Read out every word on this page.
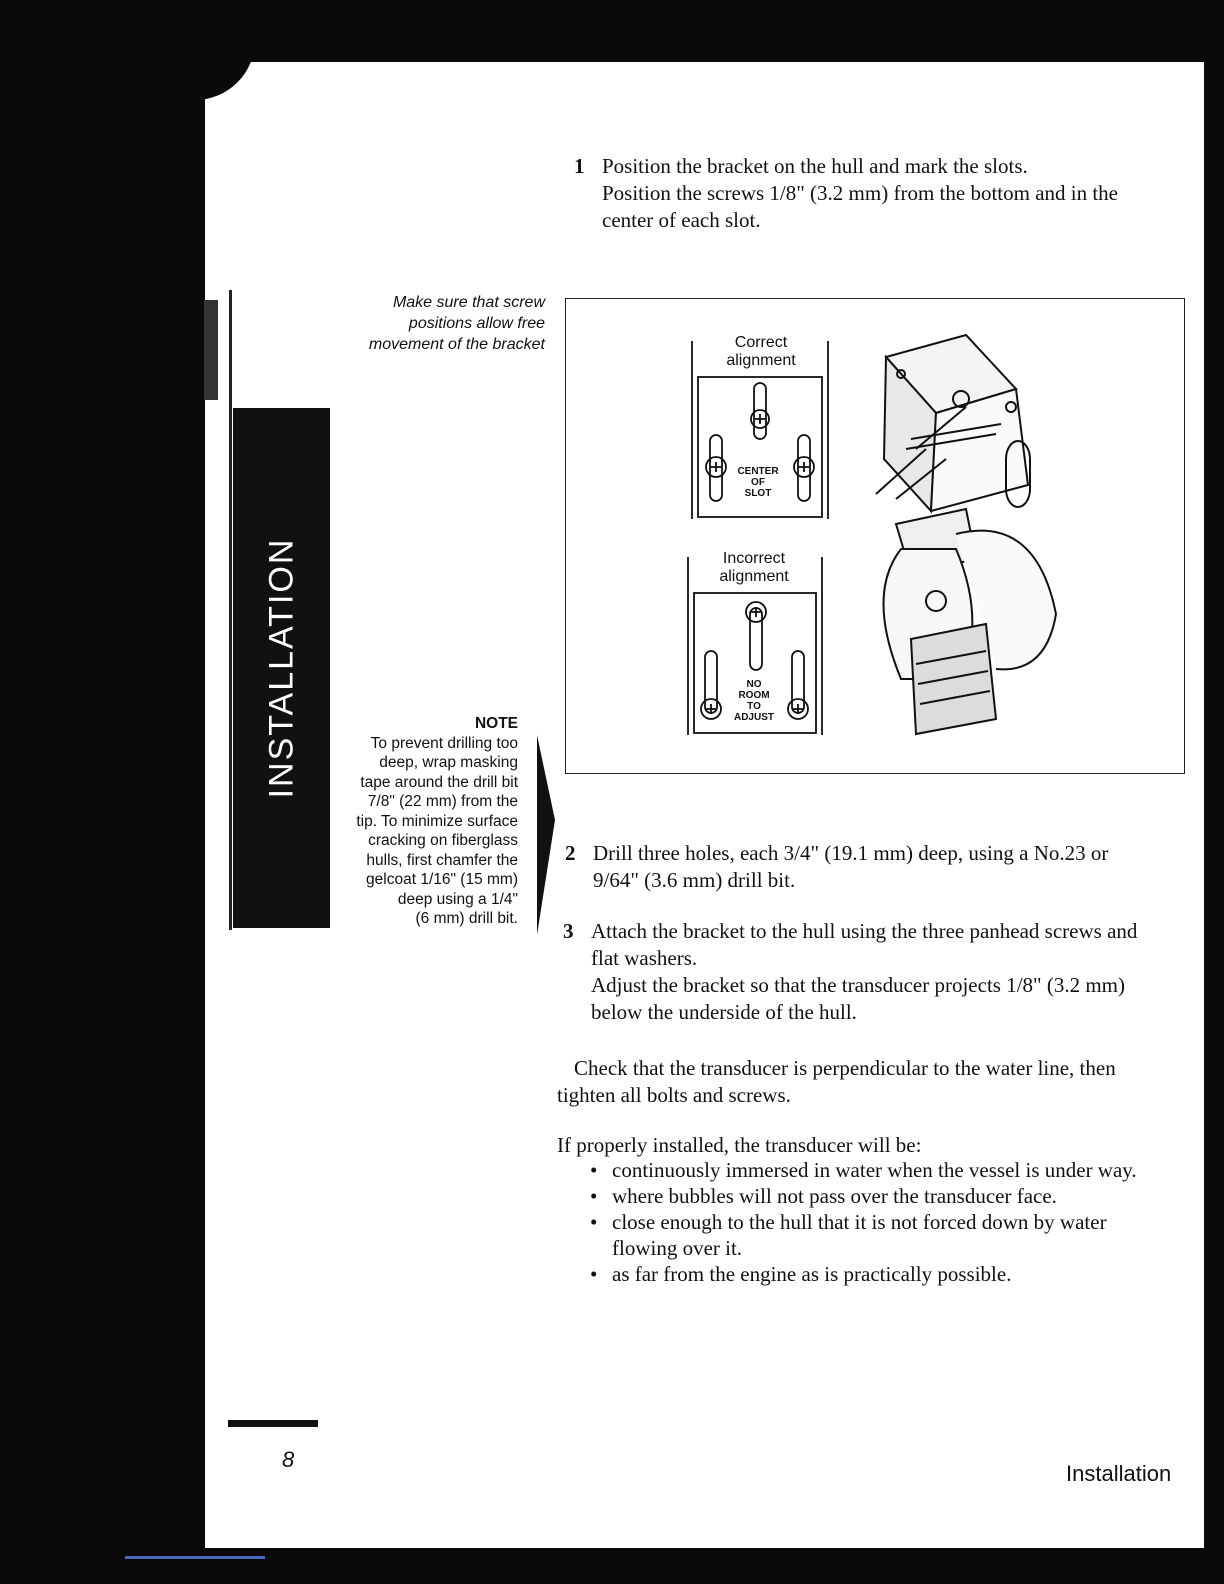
INSTALLATION
1 Position the bracket on the hull and mark the slots.

Position the screws 1/8" (3.2 mm) from the bottom and in the

center of each slot.

Make sure that screw
positions allow free
movement of the bracket	Correct
alignment
CENTER
OF
SLOT
Incorrect
alignment
NO
ROOM
TO
ADJUST
NOTE
To prevent drilling too
deep, wrap masking
tape around the drill bit
7/8" (22 mm) from the
tip. To minimize surface
cracking on fiberglass
hulls, first chamfer the
gelcoat 1/16" (15 mm)
deep using a 1/4"
(6 mm) drill bit.
2 Drill three holes, each 3/4" (19.1 mm) deep, using a No.23 or

9/64" (3.6 mm) drill bit.

3 Attach the bracket to the hull using the three panhead screws and

flat washers.

Adjust the bracket so that the transducer projects 1/8" (3.2 mm)

below the underside of the hull.

Check that the transducer is perpendicular to the water line, then
tighten all bolts and screws.
If properly installed, the transducer will be:
• continuously immersed in water when the vessel is under way.
• where bubbles will not pass over the transducer face.
• close enough to the hull that it is not forced down by water
flowing over it.
• as far from the engine as is practically possible.
8
Installation
